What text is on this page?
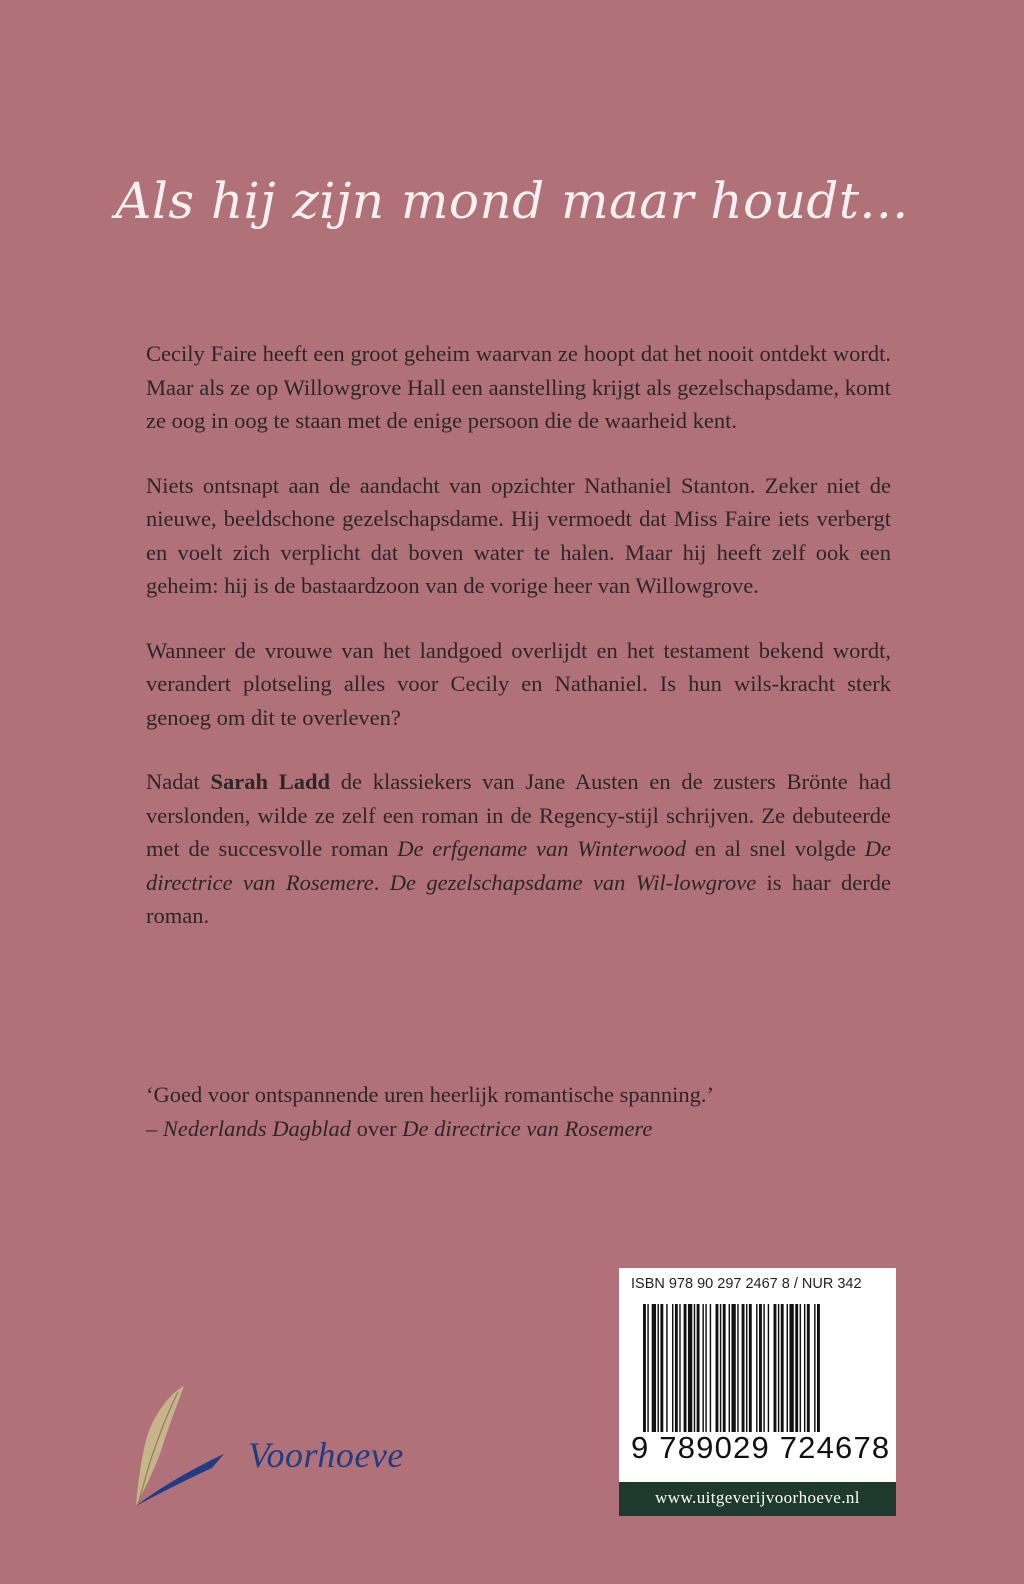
Als hij zijn mond maar houdt...

Cecily Faire heeft een groot geheim waarvan ze hoopt dat het nooit ontdekt wordt. Maar als ze op Willowgrove Hall een aanstelling krijgt als gezelschapsdame, komt ze oog in oog te staan met de enige persoon die de waarheid kent.

Niets ontsnapt aan de aandacht van opzichter Nathaniel Stanton. Zeker niet de nieuwe, beeldschone gezelschapsdame. Hij vermoedt dat Miss Faire iets verbergt en voelt zich verplicht dat boven water te halen. Maar hij heeft zelf ook een geheim: hij is de bastaardzoon van de vorige heer van Willowgrove.

Wanneer de vrouwe van het landgoed overlijdt en het testament bekend wordt, verandert plotseling alles voor Cecily en Nathaniel. Is hun wils-kracht sterk genoeg om dit te overleven?

Nadat Sarah Ladd de klassiekers van Jane Austen en de zusters Brönte had verslonden, wilde ze zelf een roman in de Regency-stijl schrijven. Ze debuteerde met de succesvolle roman De erfgename van Winterwood en al snel volgde De directrice van Rosemere. De gezelschapsdame van Wil-lowgrove is haar derde roman.

‘Goed voor ontspannende uren heerlijk romantische spanning.’
– Nederlands Dagblad over De directrice van Rosemere
Voorhoeve
ISBN 978 90 297 2467 8 / NUR 342
9 789029 724678
www.uitgeverijvoorhoeve.nl
